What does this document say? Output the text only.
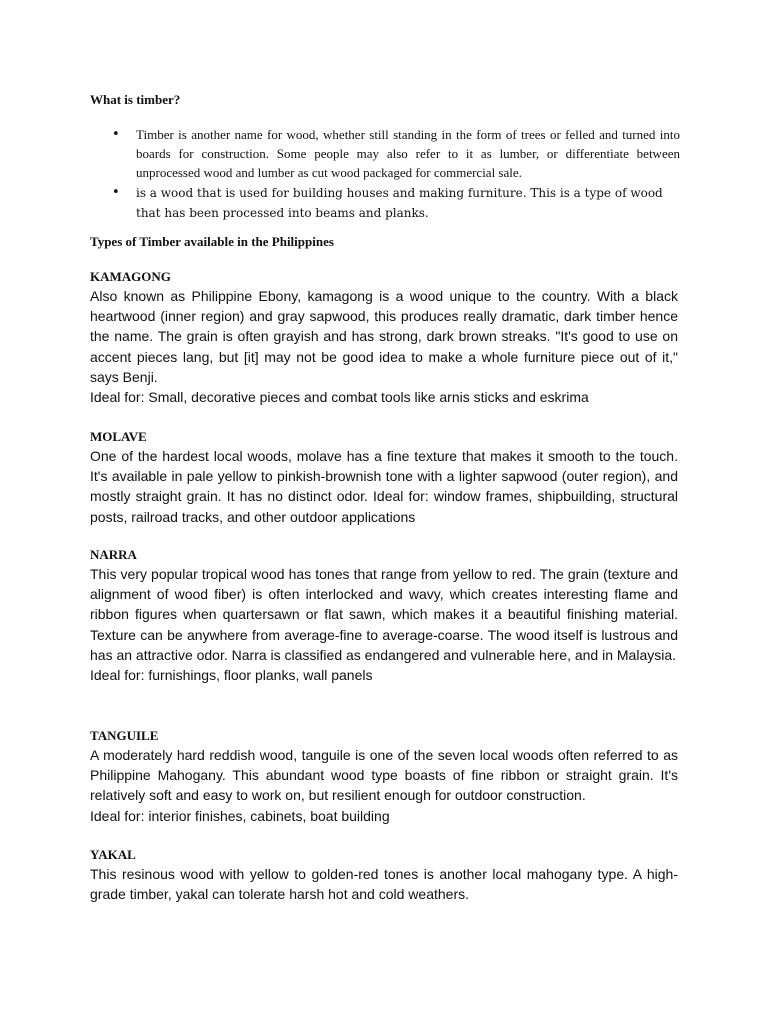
What is timber?
• Timber is another name for wood, whether still standing in the form of trees or felled and turned into boards for construction. Some people may also refer to it as lumber, or differentiate between unprocessed wood and lumber as cut wood packaged for commercial sale.
• is a wood that is used for building houses and making furniture. This is a type of wood that has been processed into beams and planks.
Types of Timber available in the Philippines

KAMAGONG

Also known as Philippine Ebony, kamagong is a wood unique to the country. With a black heartwood (inner region) and gray sapwood, this produces really dramatic, dark timber hence the name. The grain is often grayish and has strong, dark brown streaks. "It's good to use on accent pieces lang, but [it] may not be good idea to make a whole furniture piece out of it," says Benji.

Ideal for: Small, decorative pieces and combat tools like arnis sticks and eskrima

MOLAVE

One of the hardest local woods, molave has a fine texture that makes it smooth to the touch. It's available in pale yellow to pinkish-brownish tone with a lighter sapwood (outer region), and mostly straight grain. It has no distinct odor. Ideal for: window frames, shipbuilding, structural posts, railroad tracks, and other outdoor applications

NARRA

This very popular tropical wood has tones that range from yellow to red. The grain (texture and alignment of wood fiber) is often interlocked and wavy, which creates interesting flame and ribbon figures when quartersawn or flat sawn, which makes it a beautiful finishing material. Texture can be anywhere from average-fine to average-coarse. The wood itself is lustrous and has an attractive odor. Narra is classified as endangered and vulnerable here, and in Malaysia.

Ideal for: furnishings, floor planks, wall panels

TANGUILE

A moderately hard reddish wood, tanguile is one of the seven local woods often referred to as Philippine Mahogany. This abundant wood type boasts of fine ribbon or straight grain. It's relatively soft and easy to work on, but resilient enough for outdoor construction.

Ideal for: interior finishes, cabinets, boat building

YAKAL

This resinous wood with yellow to golden-red tones is another local mahogany type. A high-grade timber, yakal can tolerate harsh hot and cold weathers.
